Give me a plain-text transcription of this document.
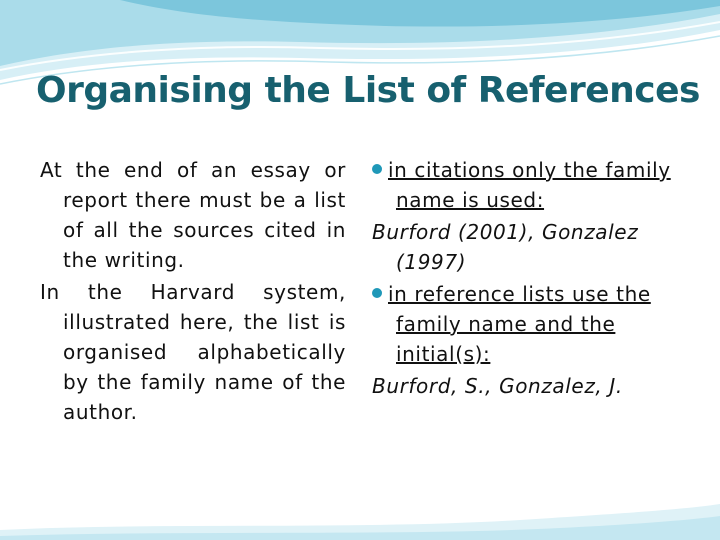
Organising the List of References

At the end of an essay or report there must be a list of all the sources cited in the writing.

In the Harvard system, illustrated here, the list is organised alphabetically by the family name of the author.

in citations only the family name is used:
Burford (2001), Gonzalez (1997)
in reference lists use the family name and the initial(s):
Burford, S., Gonzalez, J.
